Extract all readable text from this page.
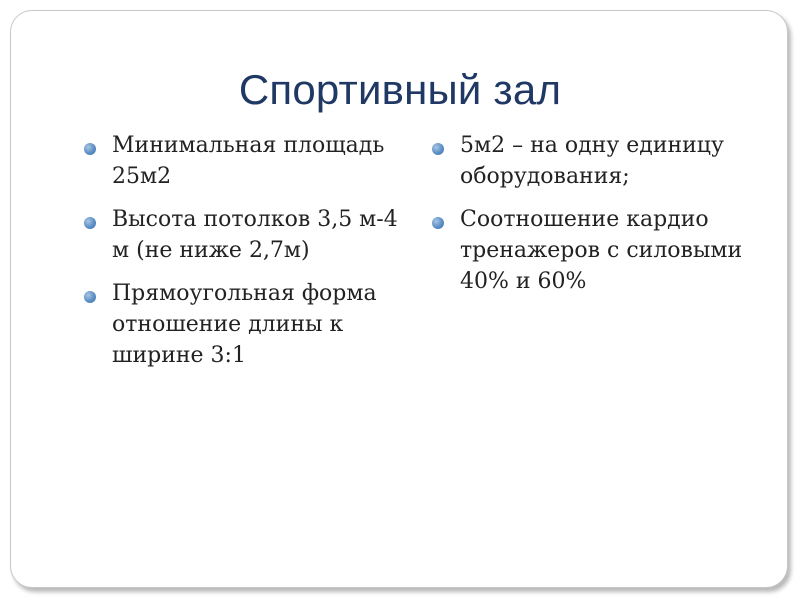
Спортивный зал
Минимальная площадь 25м2
Высота потолков 3,5 м-4 м (не ниже 2,7м)
Прямоугольная форма отношение длины к ширине 3:1
5м2 – на одну единицу оборудования;
Соотношение кардио тренажеров с силовыми 40% и 60%
